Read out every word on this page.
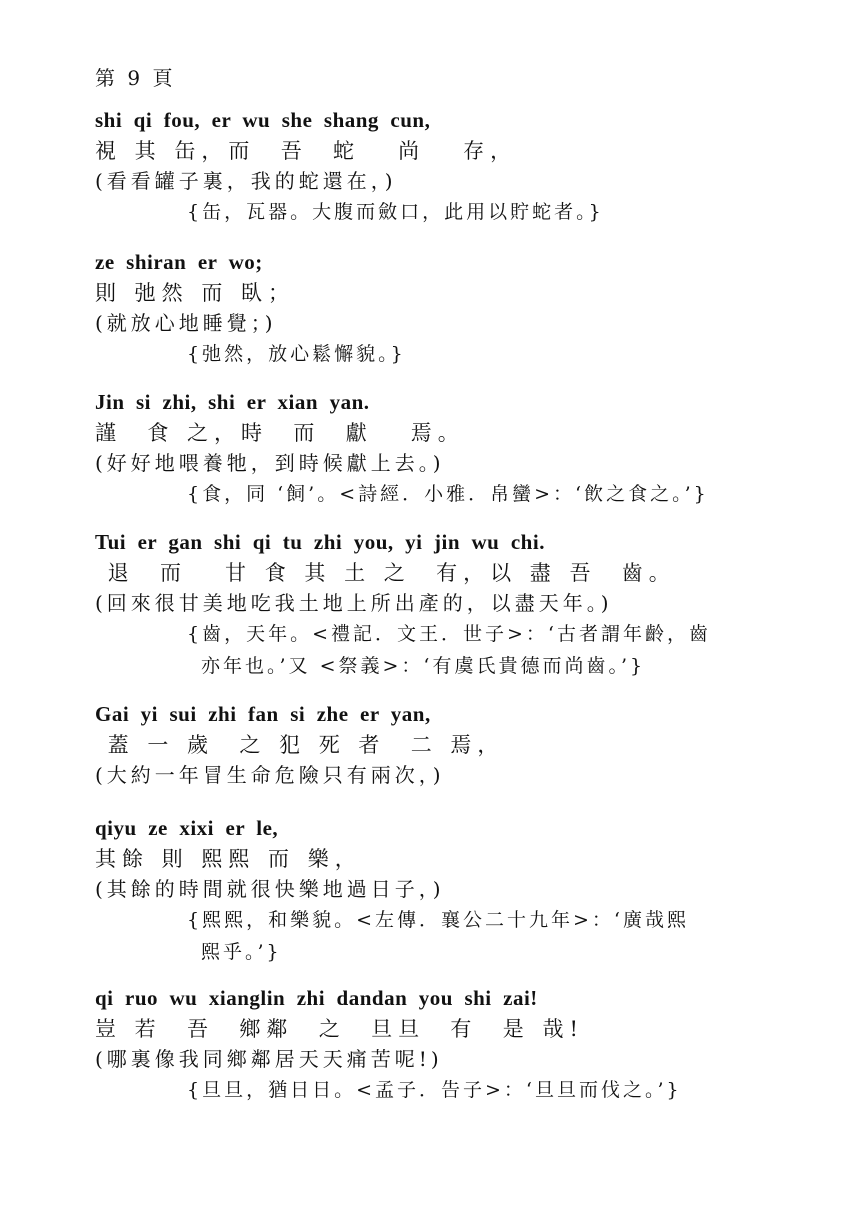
第 9 頁
shi  qi  fou,  er  wu  she  shang  cun,
視 其 缶，而  吾  蛇   尚   存，
(看看罐子裏，我的蛇還在，)
{缶，瓦器。大腹而斂口，此用以貯蛇者。}
ze  shiran  er  wo;
則 弛然 而 臥；
(就放心地睡覺；)
{弛然，放心鬆懈貌。}
Jin  si  zhi,  shi  er  xian  yan.
謹  食 之，時  而  獻   焉。
(好好地喂養牠，到時候獻上去。)
{食，同 ‘飼’。<詩經．小雅．帛蠻>：‘飲之食之。’}
Tui  er  gan  shi  qi  tu  zhi  you,  yi  jin  wu  chi.
退  而   甘 食 其 土 之  有，以 盡 吾  齒。
(回來很甘美地吃我土地上所出產的，以盡天年。)
{齒，天年。<禮記．文王．世子>：‘古者謂年齡，齒
亦年也。’又 <祭義>：‘有虞氏貴德而尚齒。’}
Gai  yi  sui  zhi  fan  si  zhe  er  yan,
蓋 一 歲  之 犯 死 者  二 焉，
(大約一年冒生命危險只有兩次，)
qiyu  ze  xixi  er  le,
其餘 則 熙熙 而 樂，
(其餘的時間就很快樂地過日子，)
{熙熙，和樂貌。<左傳．襄公二十九年>：‘廣哉熙
熙乎。’}
qi  ruo  wu  xianglin  zhi  dandan  you  shi  zai!
豈 若  吾  鄉鄰  之  旦旦  有  是 哉!
(哪裏像我同鄉鄰居天天痛苦呢!)
{旦旦，猶日日。<孟子．告子>：‘旦旦而伐之。’}
